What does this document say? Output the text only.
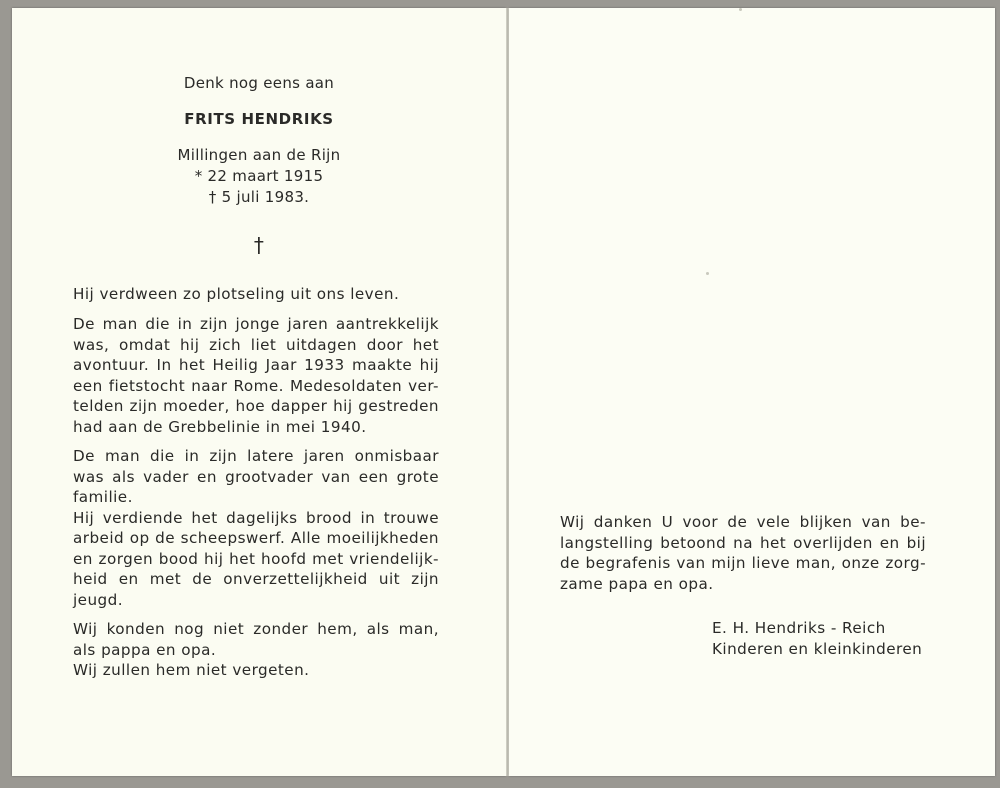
Denk nog eens aan
FRITS HENDRIKS
Millingen aan de Rijn
* 22 maart 1915
† 5 juli 1983.
†
Hij verdween zo plotseling uit ons leven.
De man die in zijn jonge jaren aantrekkelijk
was, omdat hij zich liet uitdagen door het
avontuur. In het Heilig Jaar 1933 maakte hij
een fietstocht naar Rome. Medesoldaten ver-
telden zijn moeder, hoe dapper hij gestreden
had aan de Grebbelinie in mei 1940.
De man die in zijn latere jaren onmisbaar
was als vader en grootvader van een grote
familie.
Hij verdiende het dagelijks brood in trouwe
arbeid op de scheepswerf. Alle moeilijkheden
en zorgen bood hij het hoofd met vriendelijk-
heid en met de onverzettelijkheid uit zijn
jeugd.
Wij konden nog niet zonder hem, als man,
als pappa en opa.
Wij zullen hem niet vergeten.
Wij danken U voor de vele blijken van be-
langstelling betoond na het overlijden en bij
de begrafenis van mijn lieve man, onze zorg-
zame papa en opa.
E. H. Hendriks - Reich
Kinderen en kleinkinderen
